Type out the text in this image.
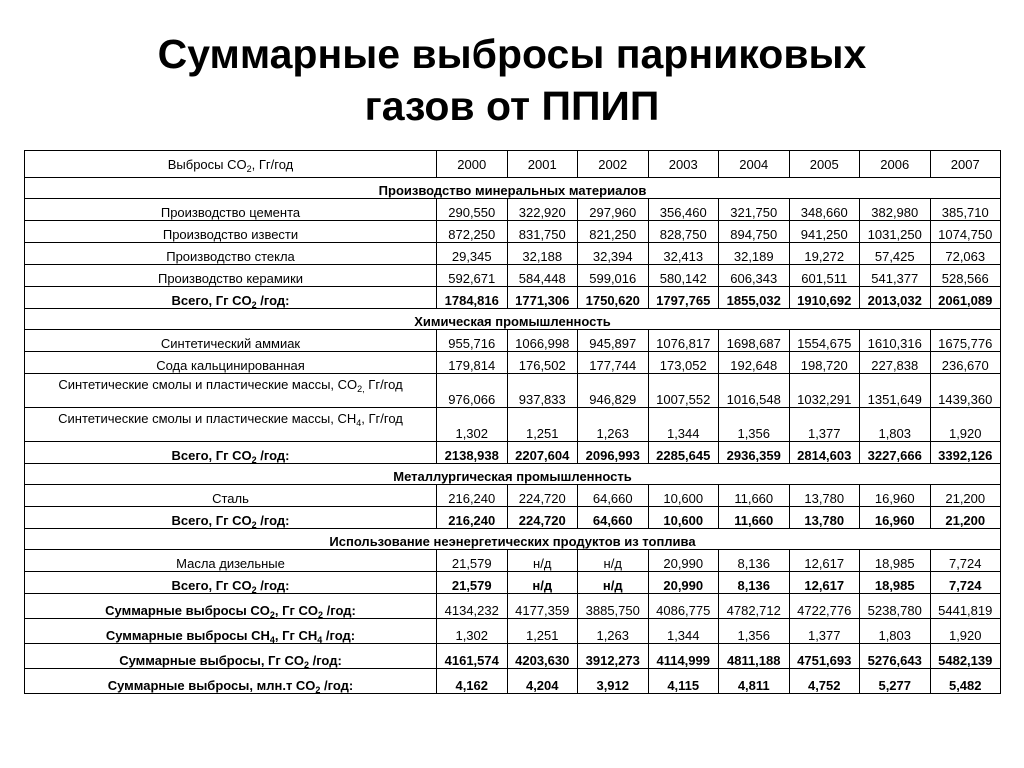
Суммарные выбросы парниковых
газов от ППИП
Выбросы $CO_2$, Гг/год	2000	2001	2002	2003	2004	2005	2006	2007
Производство минеральных материалов								
Производство цемента	290,550	322,920	297,960	356,460	321,750	348,660	382,980	385,710
Производство извести	872,250	831,750	821,250	828,750	894,750	941,250	1031,250	1074,750
Производство стекла	29,345	32,188	32,394	32,413	32,189	19,272	57,425	72,063
Производство керамики	592,671	584,448	599,016	580,142	606,343	601,511	541,377	528,566
Всего, Гг $CO_2$ /год:	1784,816	1771,306	1750,620	1797,765	1855,032	1910,692	2013,032	2061,089
Химическая промышленность								
Синтетический аммиак	955,716	1066,998	945,897	1076,817	1698,687	1554,675	1610,316	1675,776
Сода кальцинированная	179,814	176,502	177,744	173,052	192,648	198,720	227,838	236,670
Синтетические смолы и пластические массы, $CO_{2,}$ Гг/год	976,066	937,833	946,829	1007,552	1016,548	1032,291	1351,649	1439,360
Синтетические смолы и пластические массы, $CH_4$, Гг/год	1,302	1,251	1,263	1,344	1,356	1,377	1,803	1,920
Всего, Гг $CO_2$ /год:	2138,938	2207,604	2096,993	2285,645	2936,359	2814,603	3227,666	3392,126
Металлургическая промышленность								
Сталь	216,240	224,720	64,660	10,600	11,660	13,780	16,960	21,200
Всего, Гг $CO_2$ /год:	216,240	224,720	64,660	10,600	11,660	13,780	16,960	21,200
Использование неэнергетических продуктов из топлива								
Масла дизельные	21,579	н/д	н/д	20,990	8,136	12,617	18,985	7,724
Всего, Гг $CO_2$ /год:	21,579	н/д	н/д	20,990	8,136	12,617	18,985	7,724
Суммарные выбросы $CO_2$, Гг $CO_2$ /год:	4134,232	4177,359	3885,750	4086,775	4782,712	4722,776	5238,780	5441,819
Суммарные выбросы $CH_4$, Гг $CH_4$ /год:	1,302	1,251	1,263	1,344	1,356	1,377	1,803	1,920
Суммарные выбросы, Гг $CO_2$ /год:	4161,574	4203,630	3912,273	4114,999	4811,188	4751,693	5276,643	5482,139
Суммарные выбросы, млн.т $CO_2$ /год:	4,162	4,204	3,912	4,115	4,811	4,752	5,277	5,482
